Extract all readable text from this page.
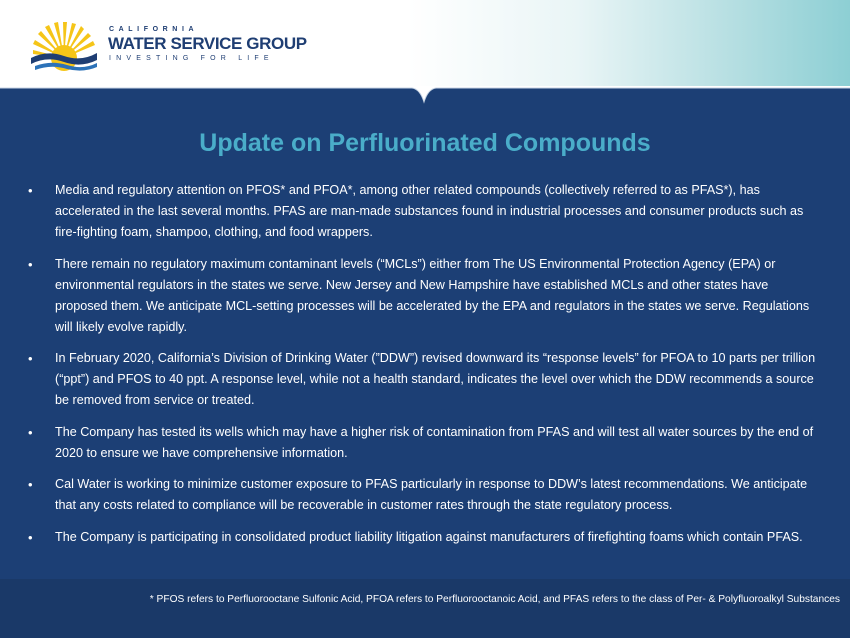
CALIFORNIA
WATER SERVICE GROUP
INVESTING FOR LIFE
Update on Perfluorinated Compounds
• Media and regulatory attention on PFOS* and PFOA*, among other related compounds (collectively referred to as PFAS*), has accelerated in the last several months. PFAS are man-made substances found in industrial processes and consumer products such as fire-fighting foam, shampoo, clothing, and food wrappers.
• There remain no regulatory maximum contaminant levels (“MCLs”) either from The US Environmental Protection Agency (EPA) or environmental regulators in the states we serve. New Jersey and New Hampshire have established MCLs and other states have proposed them. We anticipate MCL-setting processes will be accelerated by the EPA and regulators in the states we serve. Regulations will likely evolve rapidly.
• In February 2020, California’s Division of Drinking Water (”DDW”) revised downward its “response levels” for PFOA to 10 parts per trillion (“ppt”) and PFOS to 40 ppt. A response level, while not a health standard, indicates the level over which the DDW recommends a source be removed from service or treated.
• The Company has tested its wells which may have a higher risk of contamination from PFAS and will test all water sources by the end of 2020 to ensure we have comprehensive information.
• Cal Water is working to minimize customer exposure to PFAS particularly in response to DDW’s latest recommendations. We anticipate that any costs related to compliance will be recoverable in customer rates through the state regulatory process.
• The Company is participating in consolidated product liability litigation against manufacturers of firefighting foams which contain PFAS.
* PFOS refers to Perfluorooctane Sulfonic Acid, PFOA refers to Perfluorooctanoic Acid, and PFAS refers to the class of Per- & Polyfluoroalkyl Substances
